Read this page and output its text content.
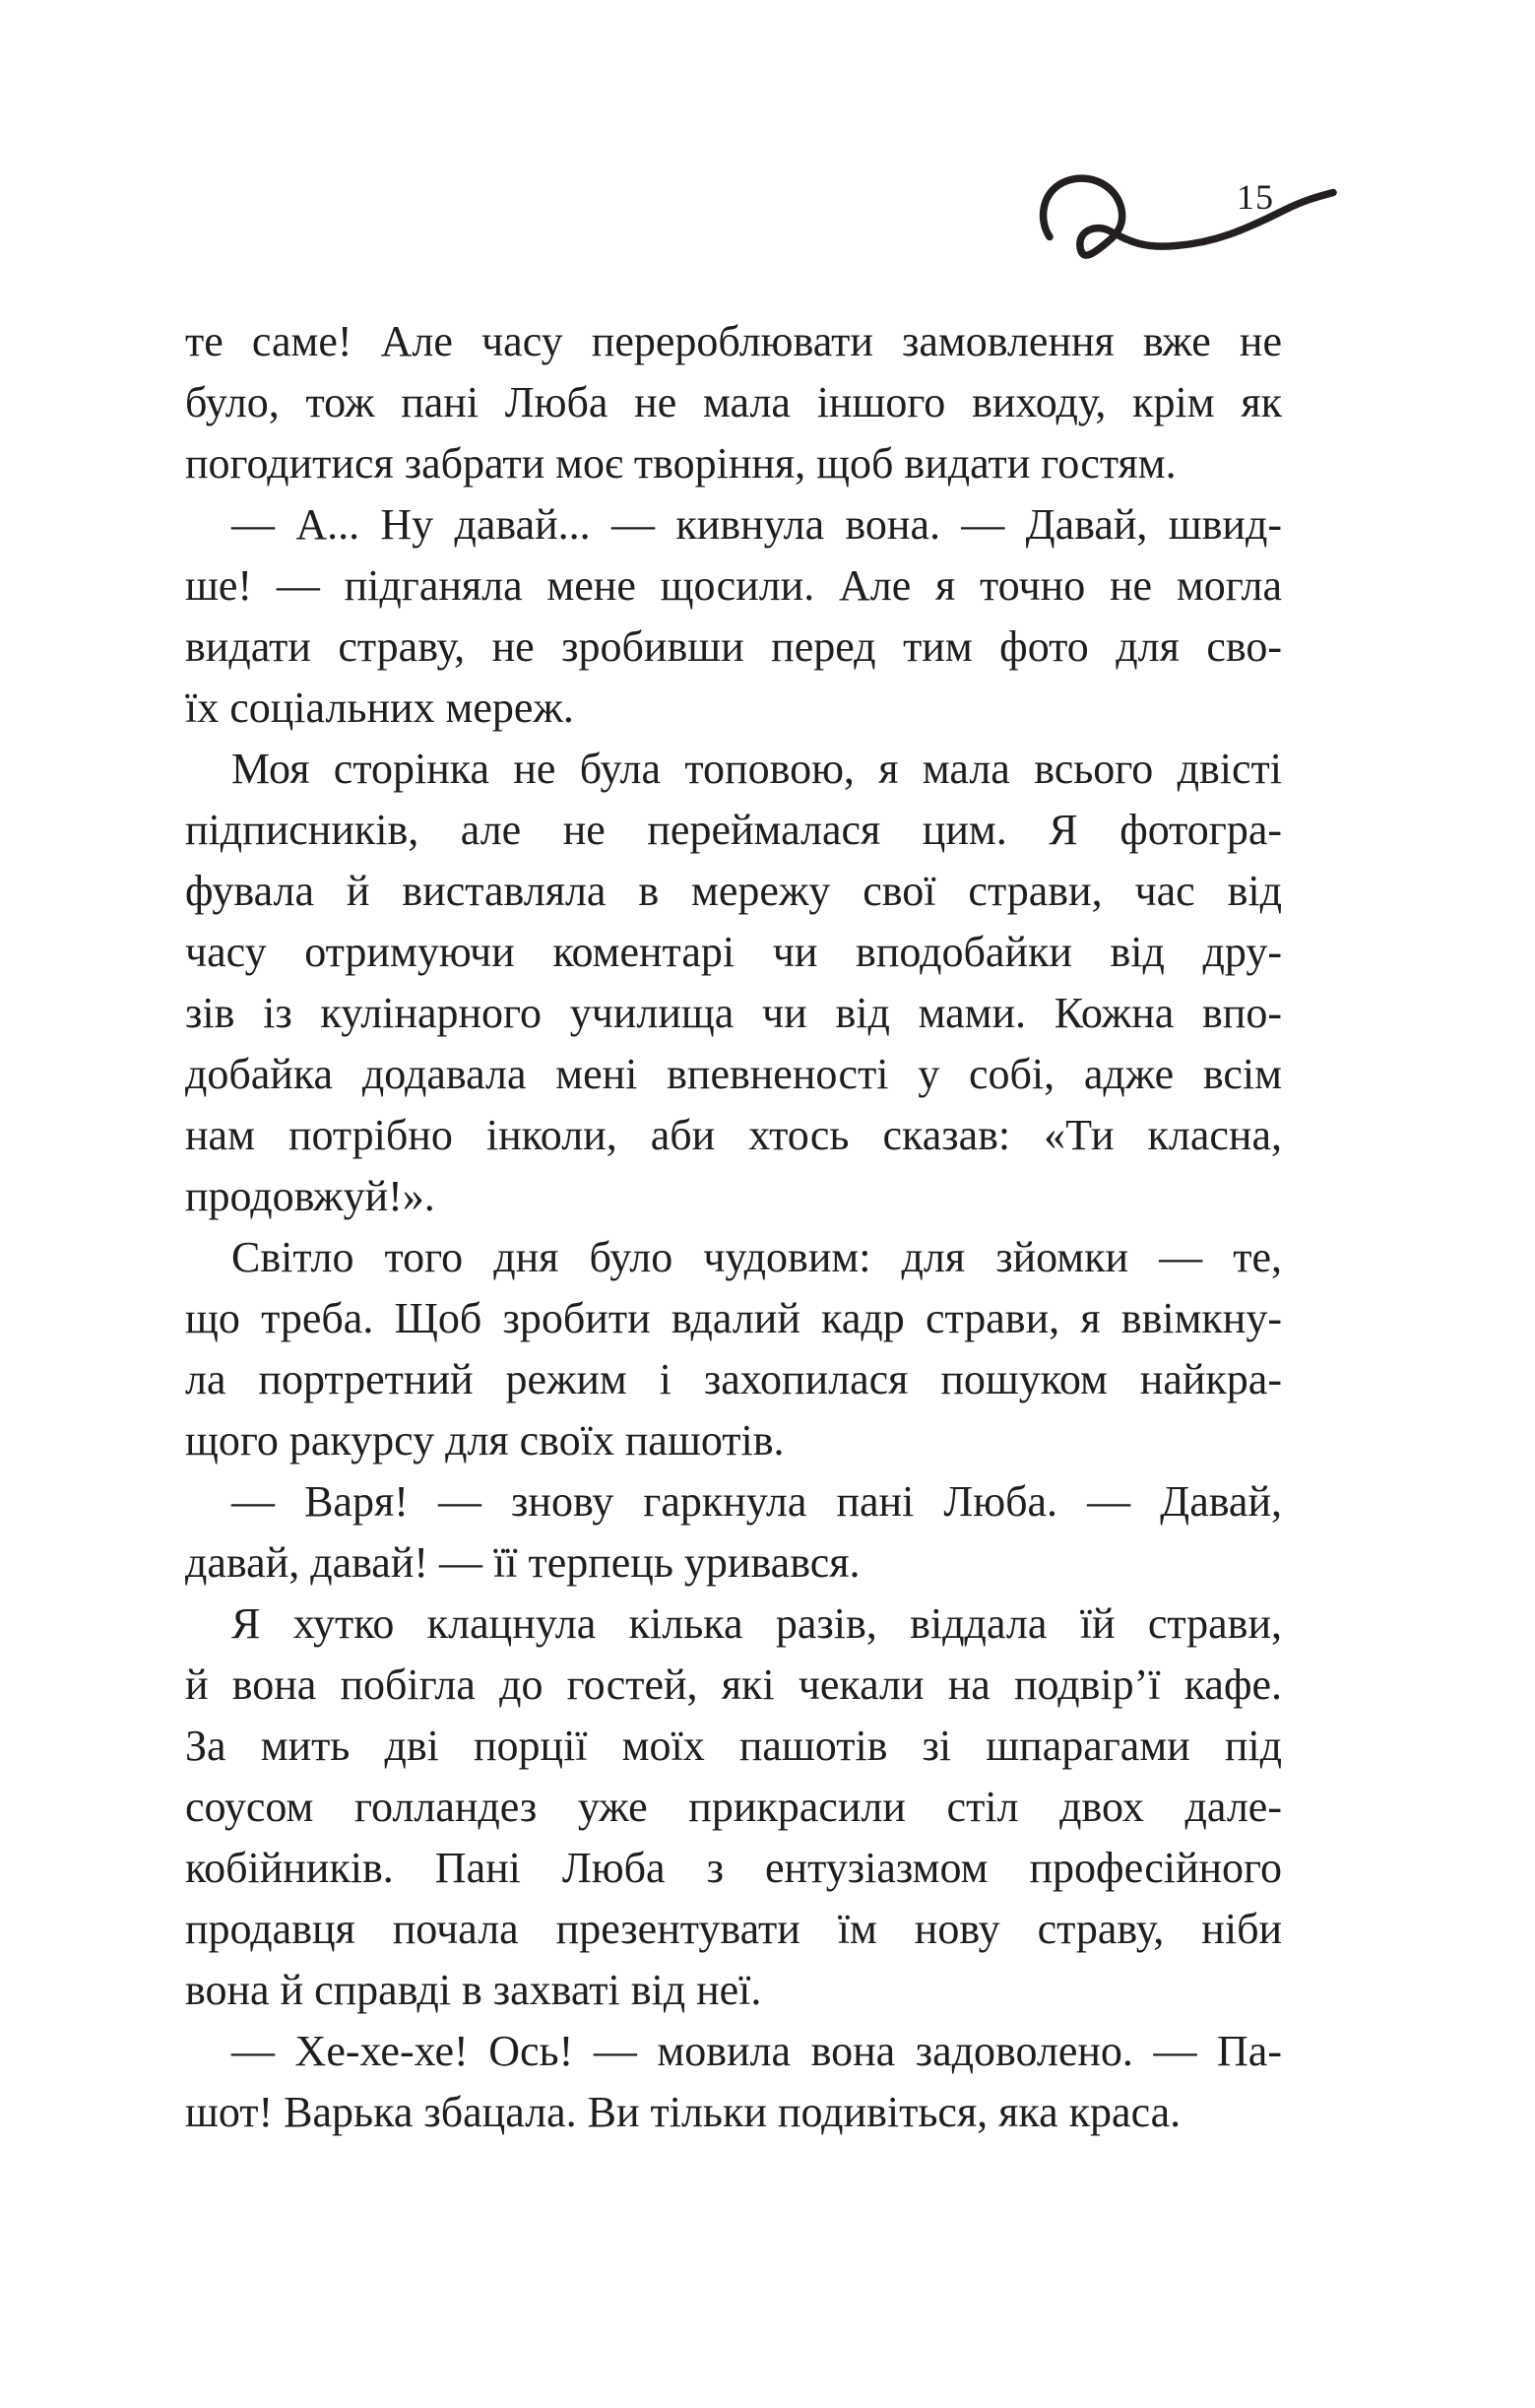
15
те саме! Але часу перероблювати замовлення вже не
було, тож пані Люба не мала іншого виходу, крім як
погодитися забрати моє творіння, щоб видати гостям.
— А... Ну давай... — кивнула вона. — Давай, швид-
ше! — підганяла мене щосили. Але я точно не могла
видати страву, не зробивши перед тим фото для сво-
їх соціальних мереж.
Моя сторінка не була топовою, я мала всього двісті
підписників, але не переймалася цим. Я фотогра-
фувала й виставляла в мережу свої страви, час від
часу отримуючи коментарі чи вподобайки від дру-
зів із кулінарного училища чи від мами. Кожна впо-
добайка додавала мені впевненості у собі, адже всім
нам потрібно інколи, аби хтось сказав: «Ти класна,
продовжуй!».
Світло того дня було чудовим: для зйомки — те,
що треба. Щоб зробити вдалий кадр страви, я ввімкну-
ла портретний режим і захопилася пошуком найкра-
щого ракурсу для своїх пашотів.
— Варя! — знову гаркнула пані Люба. — Давай,
давай, давай! — її терпець уривався.
Я хутко клацнула кілька разів, віддала їй страви,
й вона побігла до гостей, які чекали на подвір’ї кафе.
За мить дві порції моїх пашотів зі шпарагами під
соусом голландез уже прикрасили стіл двох дале-
кобійників. Пані Люба з ентузіазмом професійного
продавця почала презентувати їм нову страву, ніби
вона й справді в захваті від неї.
— Хе-хе-хе! Ось! — мовила вона задоволено. — Па-
шот! Варька збацала. Ви тільки подивіться, яка краса.
